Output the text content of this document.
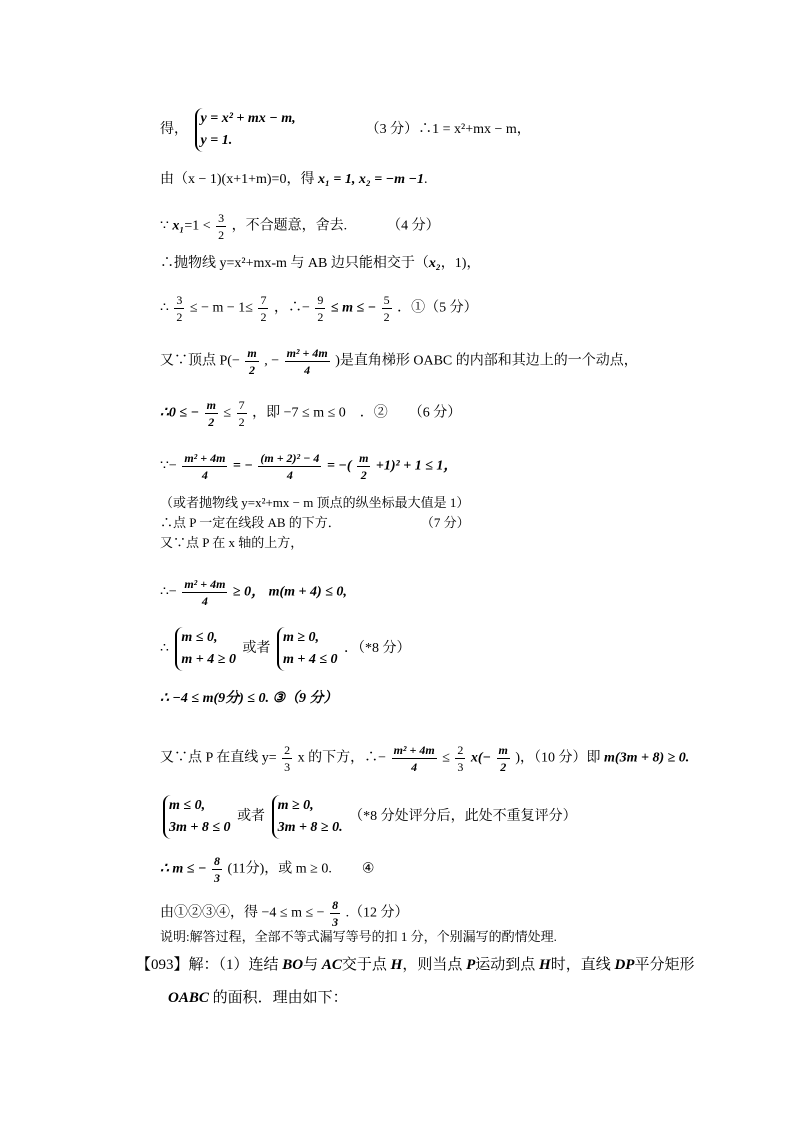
得，
y = x² + mx − m,
y = 1.
（3 分）∴1 = x²+mx − m，
由（x − 1)(x+1+m)=0，得 x₁ = 1, x₂ = −m −1.
∵ $x_1=1 < \frac{3}{2}$ ，不合题意，舍去.	（4 分）
∴抛物线 y=x²+mx-m 与 AB 边只能相交于（x₂，1)，
∴ $\frac{3}{2}$ ≤ − $m - 1\le \frac{7}{2}$ ，∴− $\frac{9}{2} \le m$ ≤ − $\frac{5}{2}$ ．①（5 分）
又∵顶点 $P(- \frac{m}{2}$ , − $\frac{\text{m² + 4m}}{4}$ )是直角梯形 OABC 的内部和其边上的一个动点，
∴0 ≤ − $\frac{m}{2} \le \frac{7}{2}$ ，即 −7 ≤ m ≤ 0　．②　　（6 分）
∵− $\frac{\text{m² + 4m}}{4}$ = − $\frac{\text{(m + 2)² − 4}}{4}$ = −( $\frac{m}{2} +1)^2 + 1 \le 1$，
（或者抛物线 y=x²+mx − m 顶点的纵坐标最大值是 1）
∴点 P 一定在线段 AB 的下方．	（7 分）
又∵点 P 在 x 轴的上方，
∴− $\frac{\text{m² + 4m}}{4} \ge 0$， m(m + 4) ≤ 0,
∴
m ≤ 0,
m + 4 ≥ 0
或者
m ≥ 0,
m + 4 ≤ 0
．（*8 分）
∴ −4 ≤ m(9分) ≤ 0. ③（9 分）
又∵点 P 在直线 $y= \frac{2}{3}$ x 的下方，∴− $\frac{\text{m² + 4m}}{4} \le \frac{2}{3} x(- \frac{m}{2}$ )，（10 分）即 m(3m + 8) ≥ 0.
m ≤ 0,
3m + 8 ≤ 0
或者
m ≥ 0,
3m + 8 ≥ 0.
（*8 分处评分后，此处不重复评分）
∴ m ≤ − $\frac{8}{3} (11$分)，或 m ≥ 0. ④
由①②③④，得 −4 ≤ m ≤ − $\frac{8}{3} .(12$ 分）
说明:解答过程，全部不等式漏写等号的扣 1 分，个别漏写的酌情处理.
【093】解：（1）连结 BO与 AC交于点 H，则当点 P运动到点 H时，直线 DP平分矩形
OABC 的面积．理由如下：
